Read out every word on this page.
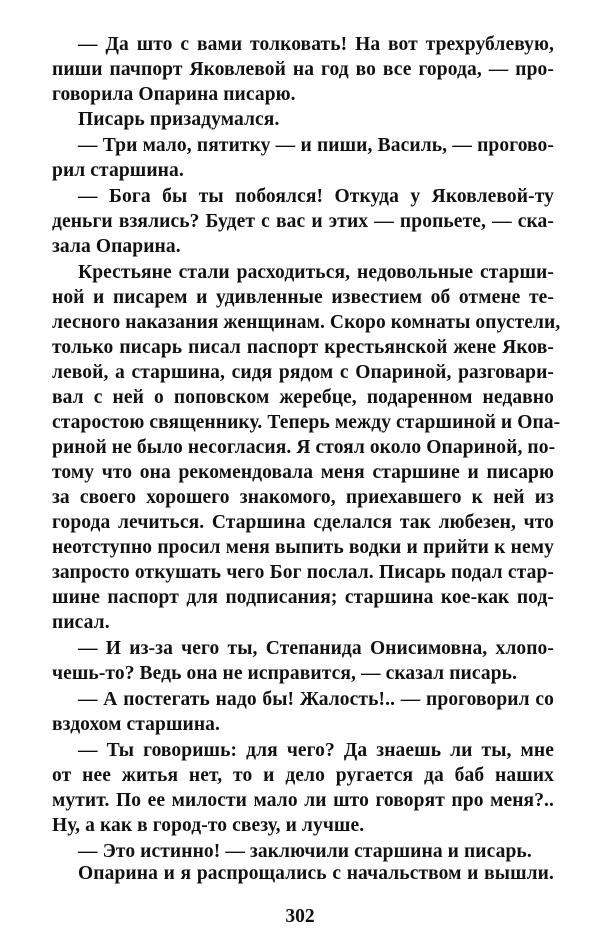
— Да што с вами толковать! На вот трехрублевую,
пиши пачпорт Яковлевой на год во все города, — про-
говорила Опарина писарю.
Писарь призадумался.
— Три мало, пятитку — и пиши, Василь, — прогово-
рил старшина.
— Бога бы ты побоялся! Откуда у Яковлевой-ту
деньги взялись? Будет с вас и этих — пропьете, — ска-
зала Опарина.
Крестьяне стали расходиться, недовольные старши-
ной и писарем и удивленные известием об отмене те-
лесного наказания женщинам. Скоро комнаты опустели,
только писарь писал паспорт крестьянской жене Яков-
левой, а старшина, сидя рядом с Опариной, разговари-
вал с ней о поповском жеребце, подаренном недавно
старостою священнику. Теперь между старшиной и Опа-
риной не было несогласия. Я стоял около Опариной, по-
тому что она рекомендовала меня старшине и писарю
за своего хорошего знакомого, приехавшего к ней из
города лечиться. Старшина сделался так любезен, что
неотступно просил меня выпить водки и прийти к нему
запросто откушать чего Бог послал. Писарь подал стар-
шине паспорт для подписания; старшина кое-как под-
писал.
— И из-за чего ты, Степанида Онисимовна, хлопо-
чешь-то? Ведь она не исправится, — сказал писарь.
— А постегать надо бы! Жалость!.. — проговорил со
вздохом старшина.
— Ты говоришь: для чего? Да знаешь ли ты, мне
от нее житья нет, то и дело ругается да баб наших
мутит. По ее милости мало ли што говорят про меня?..
Ну, а как в город-то свезу, и лучше.
— Это истинно! — заключили старшина и писарь.
Опарина и я распрощались с начальством и вышли.
302
